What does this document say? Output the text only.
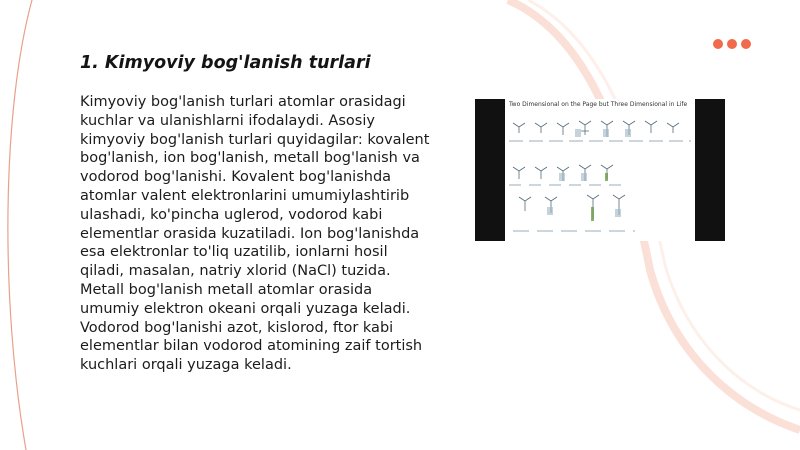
1. Kimyoviy bog'lanish turlari

Kimyoviy bog'lanish turlari atomlar orasidagi kuchlar va ulanishlarni ifodalaydi. Asosiy kimyoviy bog'lanish turlari quyidagilar: kovalent bog'lanish, ion bog'lanish, metall bog'lanish va vodorod bog'lanishi. Kovalent bog'lanishda atomlar valent elektronlarini umumiylashtirib ulashadi, ko'pincha uglerod, vodorod kabi elementlar orasida kuzatiladi. Ion bog'lanishda esa elektronlar to'liq uzatilib, ionlarni hosil qiladi, masalan, natriy xlorid (NaCl) tuzida. Metall bog'lanish metall atomlar orasida umumiy elektron okeani orqali yuzaga keladi. Vodorod bog'lanishi azot, kislorod, ftor kabi elementlar bilan vodorod atomining zaif tortish kuchlari orqali yuzaga keladi.

Two Dimensional on the Page but Three Dimensional in Life
